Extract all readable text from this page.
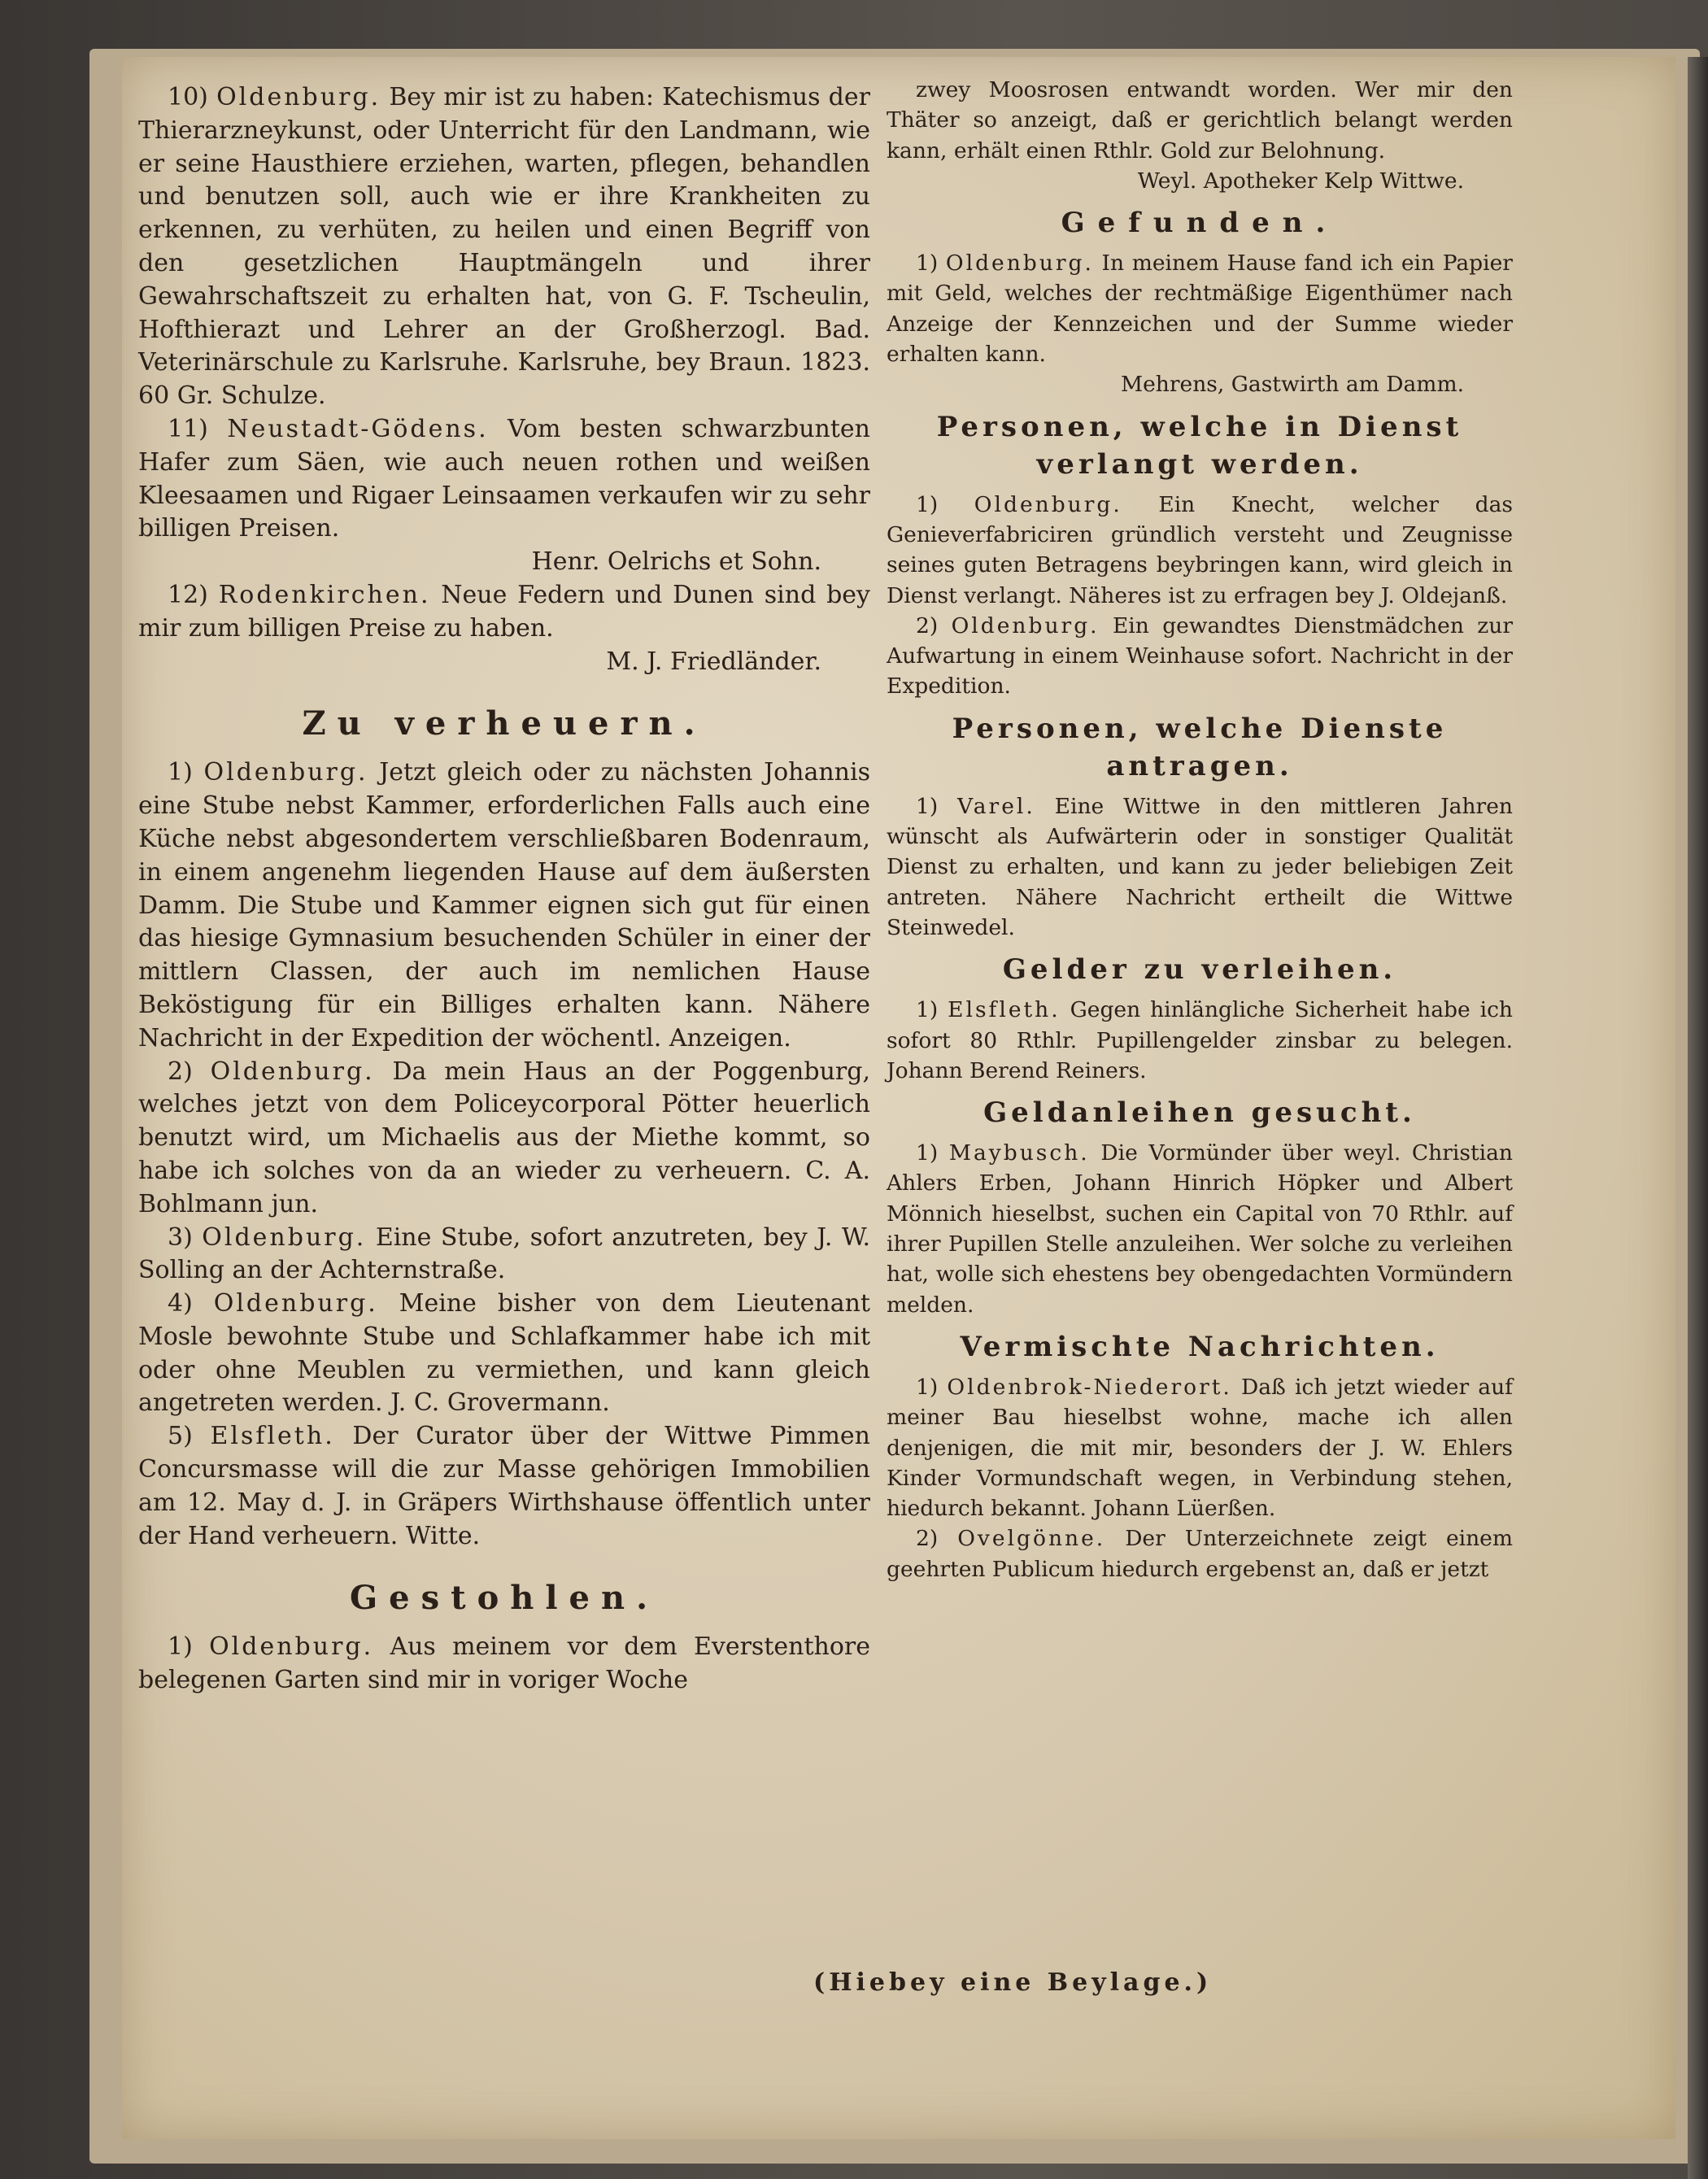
10) Oldenburg. Bey mir ist zu haben: Katechismus der Thierarzneykunst, oder Unterricht für den Landmann, wie er seine Hausthiere erziehen, warten, pflegen, behandlen und benutzen soll, auch wie er ihre Krankheiten zu erkennen, zu verhüten, zu heilen und einen Begriff von den gesetzlichen Hauptmängeln und ihrer Gewahrschaftszeit zu erhalten hat, von G. F. Tscheulin, Hofthierazt und Lehrer an der Großherzogl. Bad. Veterinärschule zu Karlsruhe. Karlsruhe, bey Braun. 1823. 60 Gr. Schulze.

11) Neustadt-Gödens. Vom besten schwarzbunten Hafer zum Säen, wie auch neuen rothen und weißen Kleesaamen und Rigaer Leinsaamen verkaufen wir zu sehr billigen Preisen.

Henr. Oelrichs et Sohn.

12) Rodenkirchen. Neue Federn und Dunen sind bey mir zum billigen Preise zu haben.

M. J. Friedländer.

Zu verheuern.

1) Oldenburg. Jetzt gleich oder zu nächsten Johannis eine Stube nebst Kammer, erforderlichen Falls auch eine Küche nebst abgesondertem verschließbaren Bodenraum, in einem angenehm liegenden Hause auf dem äußersten Damm. Die Stube und Kammer eignen sich gut für einen das hiesige Gymnasium besuchenden Schüler in einer der mittlern Classen, der auch im nemlichen Hause Beköstigung für ein Billiges erhalten kann. Nähere Nachricht in der Expedition der wöchentl. Anzeigen.

2) Oldenburg. Da mein Haus an der Poggenburg, welches jetzt von dem Policeycorporal Pötter heuerlich benutzt wird, um Michaelis aus der Miethe kommt, so habe ich solches von da an wieder zu verheuern. C. A. Bohlmann jun.

3) Oldenburg. Eine Stube, sofort anzutreten, bey J. W. Solling an der Achternstraße.

4) Oldenburg. Meine bisher von dem Lieutenant Mosle bewohnte Stube und Schlafkammer habe ich mit oder ohne Meublen zu vermiethen, und kann gleich angetreten werden. J. C. Grovermann.

5) Elsfleth. Der Curator über der Wittwe Pimmen Concursmasse will die zur Masse gehörigen Immobilien am 12. May d. J. in Gräpers Wirthshause öffentlich unter der Hand verheuern. Witte.

Gestohlen.

1) Oldenburg. Aus meinem vor dem Everstenthore belegenen Garten sind mir in voriger Woche

zwey Moosrosen entwandt worden. Wer mir den Thäter so anzeigt, daß er gerichtlich belangt werden kann, erhält einen Rthlr. Gold zur Belohnung.

Weyl. Apotheker Kelp Wittwe.

Gefunden.

1) Oldenburg. In meinem Hause fand ich ein Papier mit Geld, welches der rechtmäßige Eigenthümer nach Anzeige der Kennzeichen und der Summe wieder erhalten kann.

Mehrens, Gastwirth am Damm.

Personen, welche in Dienst verlangt werden.

1) Oldenburg. Ein Knecht, welcher das Genieverfabriciren gründlich versteht und Zeugnisse seines guten Betragens beybringen kann, wird gleich in Dienst verlangt. Näheres ist zu erfragen bey J. Oldejanß.

2) Oldenburg. Ein gewandtes Dienstmädchen zur Aufwartung in einem Weinhause sofort. Nachricht in der Expedition.

Personen, welche Dienste antragen.

1) Varel. Eine Wittwe in den mittleren Jahren wünscht als Aufwärterin oder in sonstiger Qualität Dienst zu erhalten, und kann zu jeder beliebigen Zeit antreten. Nähere Nachricht ertheilt die Wittwe Steinwedel.

Gelder zu verleihen.

1) Elsfleth. Gegen hinlängliche Sicherheit habe ich sofort 80 Rthlr. Pupillengelder zinsbar zu belegen. Johann Berend Reiners.

Geldanleihen gesucht.

1) Maybusch. Die Vormünder über weyl. Christian Ahlers Erben, Johann Hinrich Höpker und Albert Mönnich hieselbst, suchen ein Capital von 70 Rthlr. auf ihrer Pupillen Stelle anzuleihen. Wer solche zu verleihen hat, wolle sich ehestens bey obengedachten Vormündern melden.

Vermischte Nachrichten.

1) Oldenbrok-Niederort. Daß ich jetzt wieder auf meiner Bau hieselbst wohne, mache ich allen denjenigen, die mit mir, besonders der J. W. Ehlers Kinder Vormundschaft wegen, in Verbindung stehen, hiedurch bekannt. Johann Lüerßen.

2) Ovelgönne. Der Unterzeichnete zeigt einem geehrten Publicum hiedurch ergebenst an, daß er jetzt

(Hiebey eine Beylage.)
